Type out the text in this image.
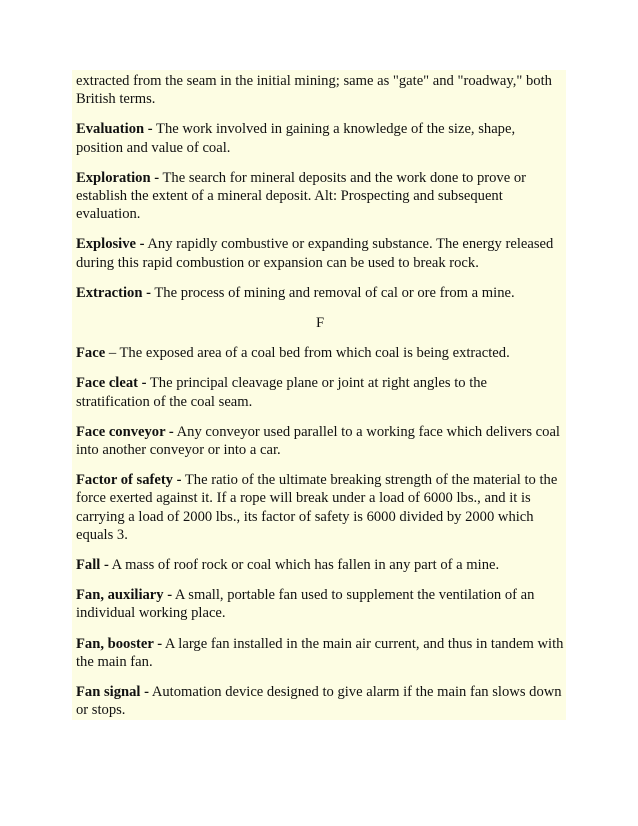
extracted from the seam in the initial mining; same as "gate" and "roadway," both British terms.

Evaluation - The work involved in gaining a knowledge of the size, shape, position and value of coal.

Exploration - The search for mineral deposits and the work done to prove or establish the extent of a mineral deposit. Alt: Prospecting and subsequent evaluation.

Explosive - Any rapidly combustive or expanding substance. The energy released during this rapid combustion or expansion can be used to break rock.

Extraction - The process of mining and removal of cal or ore from a mine.

F

Face – The exposed area of a coal bed from which coal is being extracted.

Face cleat - The principal cleavage plane or joint at right angles to the stratification of the coal seam.

Face conveyor - Any conveyor used parallel to a working face which delivers coal into another conveyor or into a car.

Factor of safety - The ratio of the ultimate breaking strength of the material to the force exerted against it. If a rope will break under a load of 6000 lbs., and it is carrying a load of 2000 lbs., its factor of safety is 6000 divided by 2000 which equals 3.

Fall - A mass of roof rock or coal which has fallen in any part of a mine.

Fan, auxiliary - A small, portable fan used to supplement the ventilation of an individual working place.

Fan, booster - A large fan installed in the main air current, and thus in tandem with the main fan.

Fan signal - Automation device designed to give alarm if the main fan slows down or stops.
